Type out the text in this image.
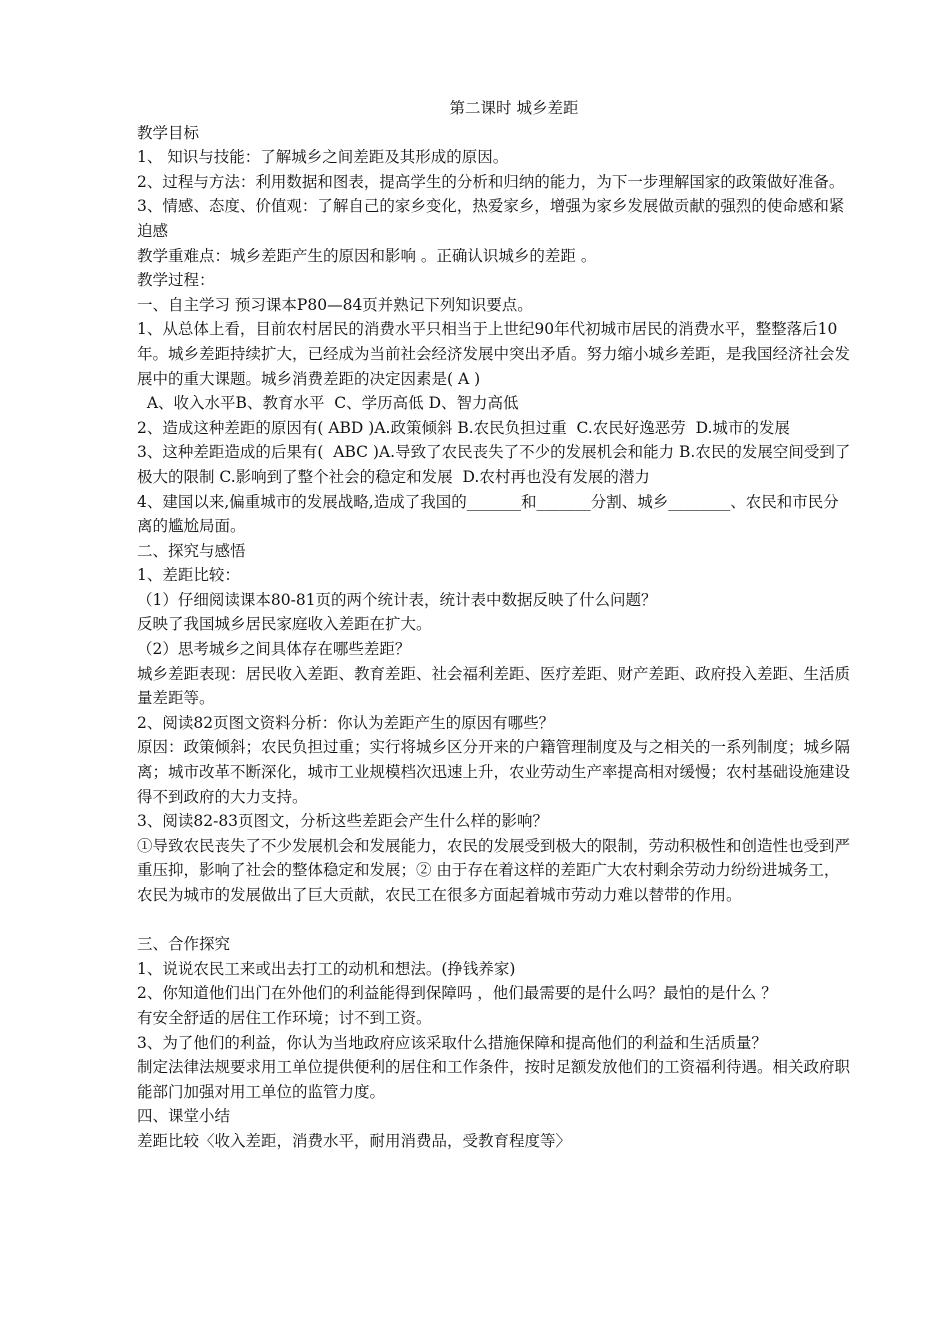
第二课时 城乡差距

教学目标

1、 知识与技能：了解城乡之间差距及其形成的原因。

2、过程与方法：利用数据和图表，提高学生的分析和归纳的能力，为下一步理解国家的政策做好准备。

3、情感、态度、价值观：了解自己的家乡变化，热爱家乡，增强为家乡发展做贡献的强烈的使命感和紧迫感

教学重难点：城乡差距产生的原因和影响 。正确认识城乡的差距 。

教学过程：

一、自主学习 预习课本P80—84页并熟记下列知识要点。

1、从总体上看，目前农村居民的消费水平只相当于上世纪90年代初城市居民的消费水平，整整落后10年。城乡差距持续扩大，已经成为当前社会经济发展中突出矛盾。努力缩小城乡差距，是我国经济社会发展中的重大课题。城乡消费差距的决定因素是( A )

A、收入水平B、教育水平  C、学历高低 D、智力高低

2、造成这种差距的原因有( ABD )A.政策倾斜 B.农民负担过重  C.农民好逸恶劳  D.城市的发展

3、这种差距造成的后果有(  ABC )A.导致了农民丧失了不少的发展机会和能力 B.农民的发展空间受到了极大的限制 C.影响到了整个社会的稳定和发展  D.农村再也没有发展的潜力

4、建国以来,偏重城市的发展战略,造成了我国的_______和_______分割、城乡________、农民和市民分离的尴尬局面。

二、探究与感悟

1、差距比较：

（1）仔细阅读课本80-81页的两个统计表，统计表中数据反映了什么问题？

反映了我国城乡居民家庭收入差距在扩大。

（2）思考城乡之间具体存在哪些差距？

城乡差距表现：居民收入差距、教育差距、社会福利差距、医疗差距、财产差距、政府投入差距、生活质量差距等。

2、阅读82页图文资料分析：你认为差距产生的原因有哪些？

原因：政策倾斜；农民负担过重；实行将城乡区分开来的户籍管理制度及与之相关的一系列制度；城乡隔离；城市改革不断深化，城市工业规模档次迅速上升，农业劳动生产率提高相对缓慢；农村基础设施建设得不到政府的大力支持。

3、阅读82-83页图文，分析这些差距会产生什么样的影响？

①导致农民丧失了不少发展机会和发展能力，农民的发展受到极大的限制，劳动积极性和创造性也受到严重压抑，影响了社会的整体稳定和发展；② 由于存在着这样的差距广大农村剩余劳动力纷纷进城务工，农民为城市的发展做出了巨大贡献，农民工在很多方面起着城市劳动力难以替带的作用。

三、合作探究

1、说说农民工来或出去打工的动机和想法。(挣钱养家)

2、你知道他们出门在外他们的利益能得到保障吗 ，他们最需要的是什么吗？最怕的是什么 ？

有安全舒适的居住工作环境；讨不到工资。

3、为了他们的利益，你认为当地政府应该采取什么措施保障和提高他们的利益和生活质量？

制定法律法规要求用工单位提供便利的居住和工作条件，按时足额发放他们的工资福利待遇。相关政府职能部门加强对用工单位的监管力度。

四、课堂小结

差距比较〈收入差距，消费水平，耐用消费品，受教育程度等〉
